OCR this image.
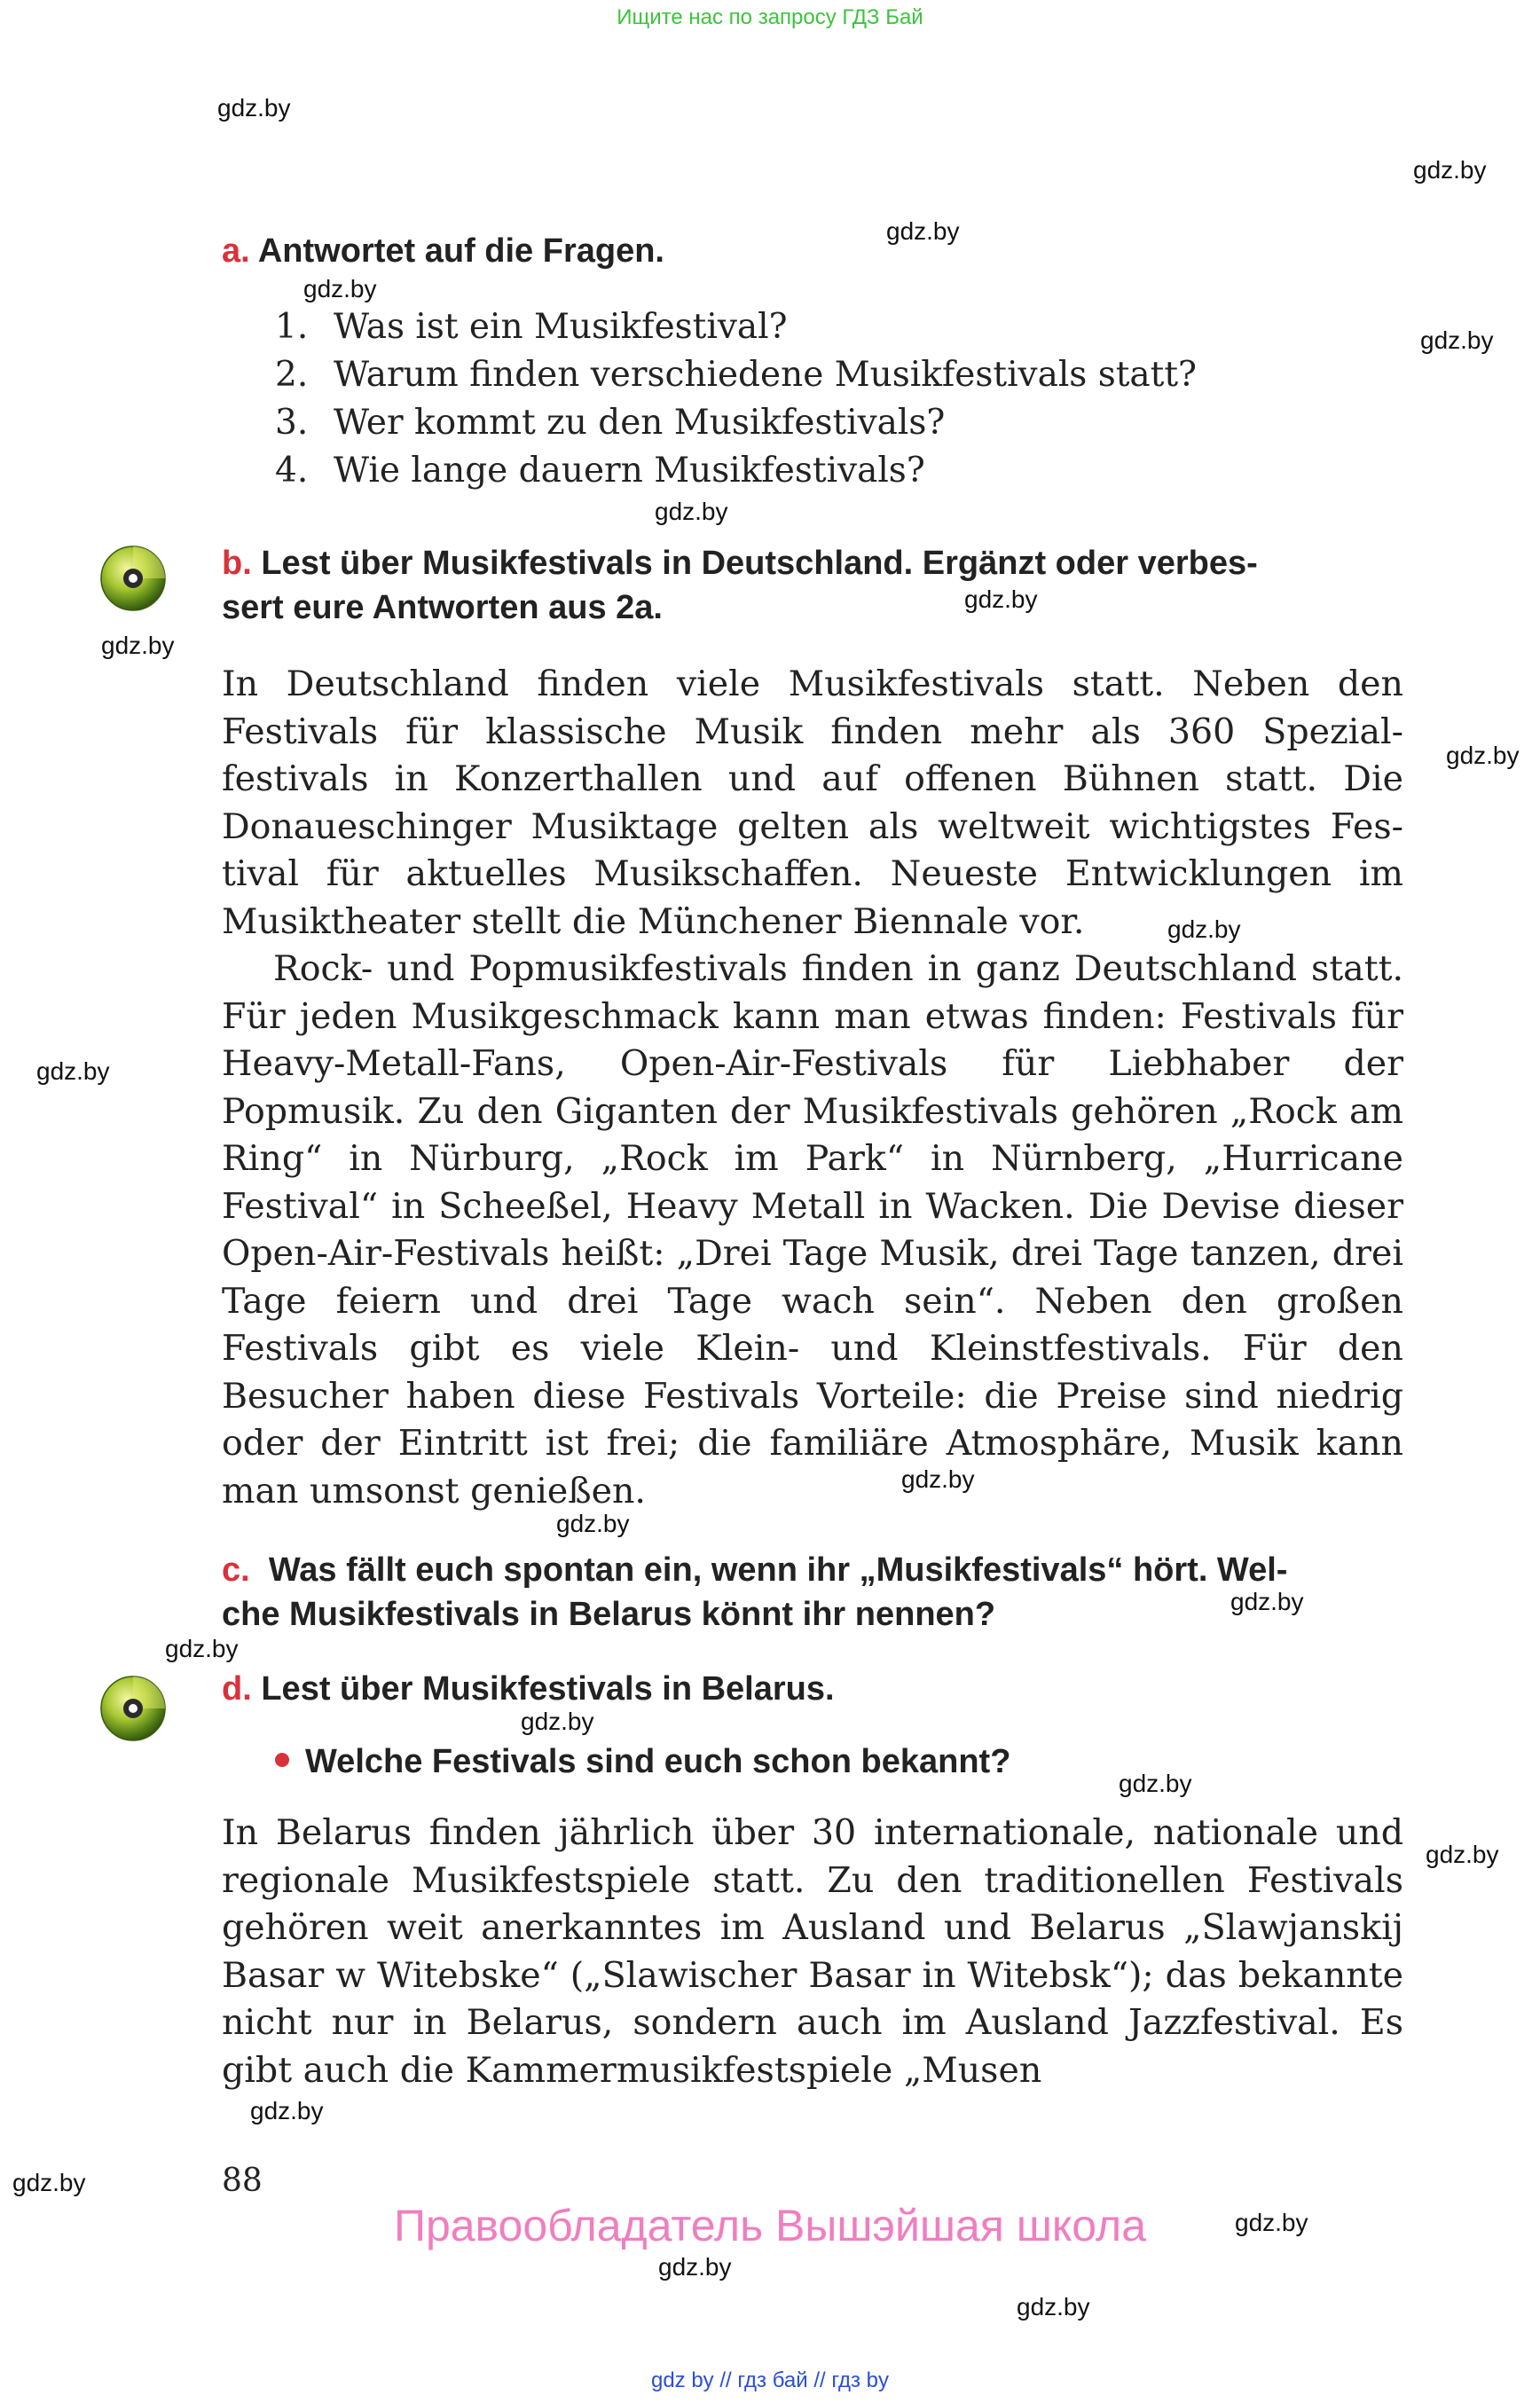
Ищите нас по запросу ГДЗ Бай
gdz.by
gdz.by
gdz.by
gdz.by
gdz.by
gdz.by
gdz.by
gdz.by
gdz.by
gdz.by
gdz.by
gdz.by
gdz.by
gdz.by
gdz.by
gdz.by
gdz.by
gdz.by
gdz.by
gdz.by
gdz.by
gdz.by
gdz.by
a. Antwortet auf die Fragen.
1. Was ist ein Musikfestival?
2. Warum finden verschiedene Musikfestivals statt?
3. Wer kommt zu den Musikfestivals?
4. Wie lange dauern Musikfestivals?
b. Lest über Musikfestivals in Deutschland. Ergänzt oder verbes-
sert eure Antworten aus 2a.

In Deutschland finden viele Musikfestivals statt. Neben den Festivals für klassische Musik finden mehr als 360 Spezialfestivals in Konzerthallen und auf offenen Bühnen statt. Die Donaueschinger Musiktage gelten als weltweit wichtigstes Festival für aktuelles Musikschaffen. Neueste Entwicklungen im Musiktheater stellt die Münchener Biennale vor.

Rock- und Popmusikfestivals finden in ganz Deutschland statt. Für jeden Musikgeschmack kann man etwas finden: Festivals für Heavy-Metall-Fans, Open-Air-Festivals für Liebhaber der Popmusik. Zu den Giganten der Musikfestivals gehören „Rock am Ring“ in Nürburg, „Rock im Park“ in Nürnberg, „Hurricane Festival“ in Scheeßel, Heavy Metall in Wacken. Die Devise dieser Open-Air-Festivals heißt: „Drei Tage Musik, drei Tage tanzen, drei Tage feiern und drei Tage wach sein“. Neben den großen Festivals gibt es viele Klein- und Kleinstfestivals. Für den Besucher haben diese Festivals Vorteile: die Preise sind niedrig oder der Eintritt ist frei; die familiäre Atmosphäre, Musik kann man umsonst genießen.

c. Was fällt euch spontan ein, wenn ihr „Musikfestivals“ hört. Wel-
che Musikfestivals in Belarus könnt ihr nennen?
d. Lest über Musikfestivals in Belarus.
Welche Festivals sind euch schon bekannt?

In Belarus finden jährlich über 30 internationale, nationale und regionale Musikfestspiele statt. Zu den traditionellen Festivals gehören weit anerkanntes im Ausland und Belarus „Slawjanskij Basar w Witebske“ („Slawischer Basar in Witebsk“); das bekannte nicht nur in Belarus, sondern auch im Ausland Jazzfestival. Es gibt auch die Kammermusikfestspiele „Musen

88
Правообладатель Вышэйшая школа
gdz by // гдз бай // гдз by
